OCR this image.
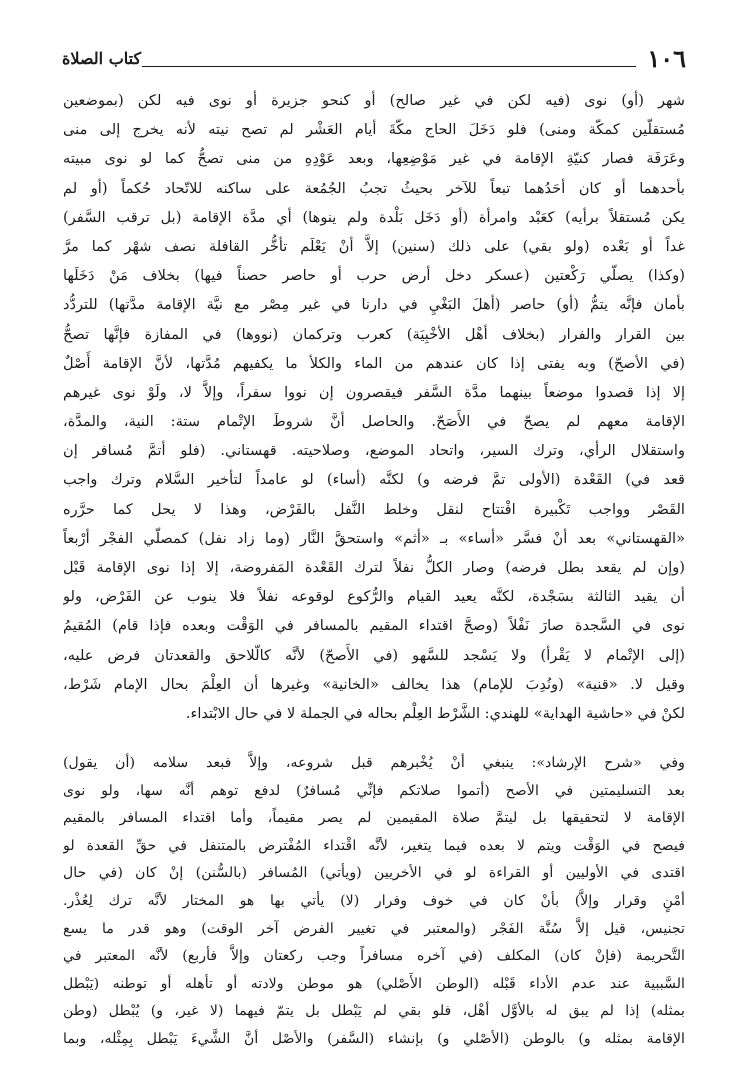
١٠٦
كتاب الصلاة
شهر (أو) نوى (فيه لكن في غير صالح) أو كنحو جزيرة أو نوى فيه لكن (بموضعين
مُستقلّين كمكّة ومنى) فلو دَخَلَ الحاج مكّةَ أيام العَشْر لم تصح نيته لأنه يخرج إلى منى
وعَرَفَة فصار كنيّةِ الإقامة في غير مَوْضِعِها، وبعد عَوْدِهِ من منى تصحُّ كما لو نوى مبيته
بأحدهما أو كان أحَدُهما تبعاً للآخر بحيثُ تجبُ الجُمُعة على ساكنه للاتّحاد حُكماً (أو لم
يكن مُستقلاً برأيه) كعَبْد وامرأة (أو دَخَل بَلْدة ولم ينوها) أي مدَّة الإقامة (بل ترقب السَّفر)
غداً أو بَعْده (ولو بقي) على ذلك (سنين) إلاَّ أنْ يَعْلَم تأخُّر القافلة نصف شهْر كما مرَّ
(وكذا) يصلّي رَكْعتين (عسكر دخل أرض حرب أو حاصر حصناً فيها) بخلاف مَنْ دَخَلَها
بأمان فإنَّه يتمُّ (أو) حاصر (أهلَ البَغْيِ في دارنا في غير مِصْر مع نيَّة الإقامة مدَّتها) للتردُّد
بين القرار والفرار (بخلاف أهْل الأخْبِيَة) كعرب وتركمان (نووها) في المفازة فإنَّها تصحُّ
(في الأصحّ) وبه يفتى إذا كان عندهم من الماء والكلأ ما يكفيهم مُدَّتها، لأنَّ الإقامة أَصْلٌ
إلا إذا قصدوا موضعاً بينهما مدَّة السَّفر فيقصرون إن نووا سفراً، وإلاَّ لا، ولَوْ نوى غيرهم
الإقامة معهم لم يصحّ في الأَصَحّ. والحاصل أنَّ شروطَ الإتْمام ستة: النية، والمدَّة،
واستقلال الرأي، وترك السير، واتحاد الموضع، وصلاحيته. قهستاني. (فلو أتمَّ مُسافر إن
قعد في) القَعْدة (الأولى تمَّ فرضه و) لكنَّه (أساء) لو عامداً لتأخير السَّلام وترك واجب
القَصْر وواجب تَكْبيرة افْتتاح لنقل وخلط النَّفل بالفَرْض، وهذا لا يحل كما حرَّره
«القهستاني» بعد أنْ فسَّر «أساء» بـ «أثم» واستحقَّ النَّار (وما زاد نفل) كمصلّي الفجْر أرْبعاً
(وإن لم يقعد بطل فرضه) وصار الكلُّ نفلاً لترك القَعْدة المَفروضة، إلا إذا نوى الإقامة قَبْل
أن يقيد الثالثة بسَجْدة، لكنَّه يعيد القيام والرُّكوع لوقوعه نفلاً فلا ينوب عن الفَرْض، ولو
نوى في السَّجدة صارَ نَفْلاً (وصحَّ اقتداء المقيم بالمسافر في الوَقْت وبعده فإذا قام) المُقيمُ
(إلى الإتْمام لا يَقْرأ) ولا يَسْجد للسَّهو (في الأَصحّ) لأنَّه كالّلاحق والقعدتان فرض عليه،
وقيل لا. «قنية» (ونُدِبَ للإمام) هذا يخالف «الخانية» وغيرها أن العِلْمَ بحال الإمام شَرْط،
لكنْ في «حاشية الهداية» للهندي: الشَّرْط العِلْم بحاله في الجملة لا في حال الابْتداء.
وفي «شرح الإرشاد»: ينبغي أنْ يُخْبرهم قبل شروعه، وإلاَّ فبعد سلامه (أن يقول)
بعد التسليمتين في الأصح (أتموا صلاتكم فإنِّي مُسافرٌ) لدفع توهم أنَّه سها، ولو نوى
الإقامة لا لتحقيقها بل ليتمَّ صلاة المقيمين لم يصر مقيماً، وأما اقتداء المسافر بالمقيم
فيصح في الوَقْت ويتم لا بعده فيما يتغير، لأنَّه اقْتداء المُفْترض بالمتنفل في حقِّ القعدة لو
اقتدى في الأوليين أو القراءة لو في الأخريين (ويأتي) المُسافر (بالسُّنن) إنْ كان (في حال
أمْنٍ وقرار وإلاَّ) بأنْ كان في خوف وفرار (لا) يأتي بها هو المختار لأنَّه ترك لِعُذْر.
تجنيس، قيل إلاَّ سُنَّة الفَجْر (والمعتبر في تغيير الفرض آخر الوقت) وهو قدر ما يسع
التَّحريمة (فإنْ كان) المكلف (في آخره مسافراً وجب ركعتان وإلاَّ فأربع) لأنَّه المعتبر في
السَّببية عند عدم الأداء قَبْله (الوطن الأَصْلي) هو موطن ولادته أو تأهله أو توطنه (يَبْطل
بمثله) إذا لم يبق له بالأوَّل أهْل، فلو بقي لم يَبْطل بل يتمّ فيهما (لا غير، و) يُبْطل (وطن
الإقامة بمثله و) بالوطن (الأصْلي و) بإنشاء (السَّفر) والأصْل أنَّ الشَّيءَ يَبْطل بِمِثْله، وبما
